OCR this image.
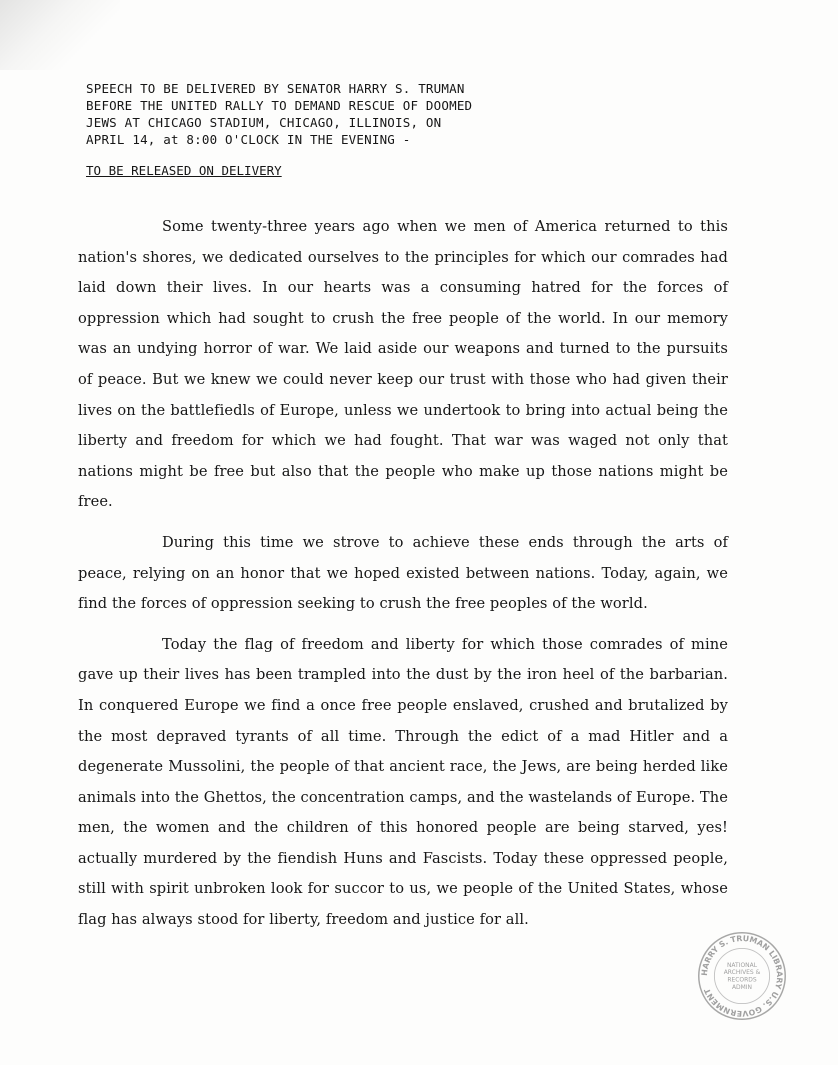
SPEECH TO BE DELIVERED BY SENATOR HARRY S. TRUMAN
BEFORE THE UNITED RALLY TO DEMAND RESCUE OF DOOMED
JEWS AT CHICAGO STADIUM, CHICAGO, ILLINOIS, ON
APRIL 14, at 8:00 O'CLOCK IN THE EVENING -
TO BE RELEASED ON DELIVERY

Some twenty-three years ago when we men of America returned to this nation's shores, we dedicated ourselves to the principles for which our comrades had laid down their lives. In our hearts was a consuming hatred for the forces of oppression which had sought to crush the free people of the world. In our memory was an undying horror of war. We laid aside our weapons and turned to the pursuits of peace. But we knew we could never keep our trust with those who had given their lives on the battlefiedls of Europe, unless we undertook to bring into actual being the liberty and freedom for which we had fought. That war was waged not only that nations might be free but also that the people who make up those nations might be free.

During this time we strove to achieve these ends through the arts of peace, relying on an honor that we hoped existed between nations. Today, again, we find the forces of oppression seeking to crush the free peoples of the world.

Today the flag of freedom and liberty for which those comrades of mine gave up their lives has been trampled into the dust by the iron heel of the barbarian. In conquered Europe we find a once free people enslaved, crushed and brutalized by the most depraved tyrants of all time. Through the edict of a mad Hitler and a degenerate Mussolini, the people of that ancient race, the Jews, are being herded like animals into the Ghettos, the concentration camps, and the wastelands of Europe. The men, the women and the children of this honored people are being starved, yes! actually murdered by the fiendish Huns and Fascists. Today these oppressed people, still with spirit unbroken look for succor to us, we people of the United States, whose flag has always stood for liberty, freedom and justice for all.

HARRY S. TRUMAN LIBRARY U.S. GOVERNMENT
NATIONAL
ARCHIVES &
RECORDS
ADMIN
